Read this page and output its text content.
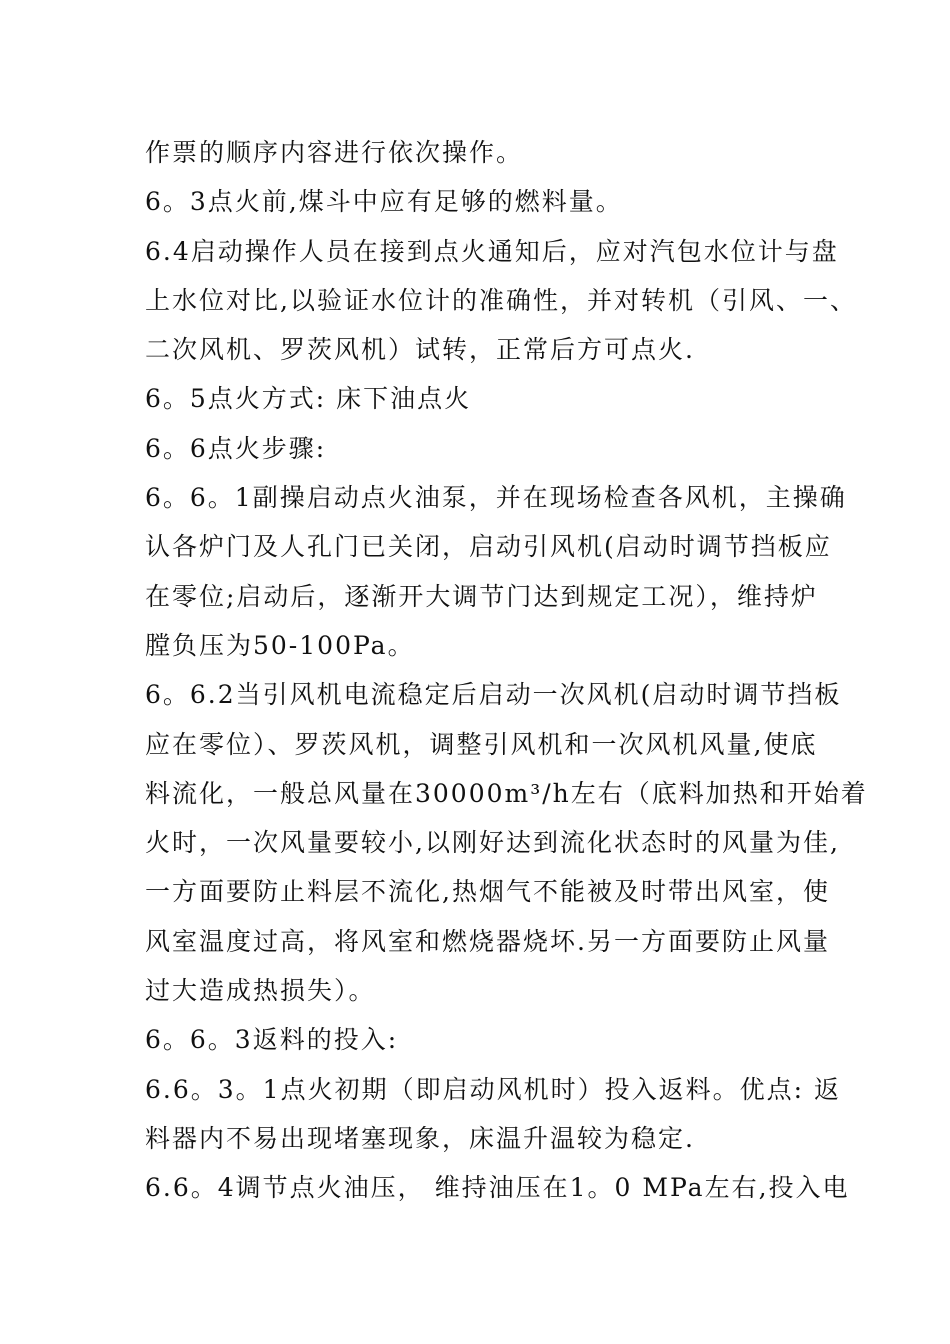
作票的顺序内容进行依次操作。
6。3点火前,煤斗中应有足够的燃料量。
6.4启动操作人员在接到点火通知后，应对汽包水位计与盘
上水位对比,以验证水位计的准确性，并对转机（引风、一、
二次风机、罗茨风机）试转，正常后方可点火.
6。5点火方式: 床下油点火
6。6点火步骤:
6。6。1副操启动点火油泵，并在现场检查各风机，主操确
认各炉门及人孔门已关闭，启动引风机(启动时调节挡板应
在零位;启动后，逐渐开大调节门达到规定工况），维持炉
膛负压为50-100Pa。
6。6.2当引风机电流稳定后启动一次风机(启动时调节挡板
应在零位）、罗茨风机，调整引风机和一次风机风量,使底
料流化，一般总风量在30000m³/h左右（底料加热和开始着
火时，一次风量要较小,以刚好达到流化状态时的风量为佳,
一方面要防止料层不流化,热烟气不能被及时带出风室，使
风室温度过高，将风室和燃烧器烧坏.另一方面要防止风量
过大造成热损失）。
6。6。3返料的投入:
6.6。3。1点火初期（即启动风机时）投入返料。优点: 返
料器内不易出现堵塞现象，床温升温较为稳定.
6.6。4调节点火油压， 维持油压在1。0 MPa左右,投入电
